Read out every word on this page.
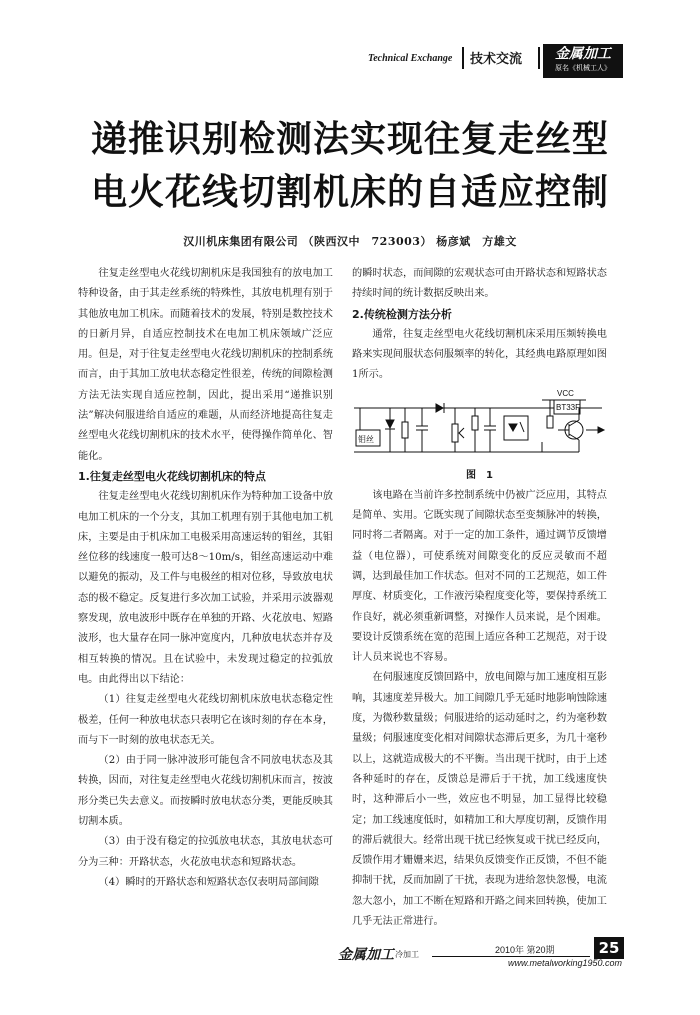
Technical Exchange 技术交流	金属加工
原名《机械工人》
递推识别检测法实现往复走丝型
电火花线切割机床的自适应控制
汉川机床集团有限公司 （陕西汉中　723003） 杨彦斌　方雄文

往复走丝型电火花线切割机床是我国独有的放电加工特种设备，由于其走丝系统的特殊性，其放电机理有别于其他放电加工机床。而随着技术的发展，特别是数控技术的日新月异，自适应控制技术在电加工机床领域广泛应用。但是，对于往复走丝型电火花线切割机床的控制系统而言，由于其加工放电状态稳定性很差，传统的间隙检测方法无法实现自适应控制，因此，提出采用“递推识别法”解决伺服进给自适应的难题，从而经济地提高往复走丝型电火花线切割机床的技术水平，使得操作简单化、智能化。

1.往复走丝型电火花线切割机床的特点

往复走丝型电火花线切割机床作为特种加工设备中放电加工机床的一个分支，其加工机理有别于其他电加工机床，主要是由于机床加工电极采用高速运转的钼丝，其钼丝位移的线速度一般可达8～10m/s，钼丝高速运动中难以避免的振动，及工件与电极丝的相对位移，导致放电状态的极不稳定。反复进行多次加工试验，并采用示波器观察发现，放电波形中既存在单独的开路、火花放电、短路波形，也大量存在同一脉冲宽度内，几种放电状态并存及相互转换的情况。且在试验中，未发现过稳定的拉弧放电。由此得出以下结论：

（1）往复走丝型电火花线切割机床放电状态稳定性极差，任何一种放电状态只表明它在该时刻的存在本身，而与下一时刻的放电状态无关。

（2）由于同一脉冲波形可能包含不同放电状态及其转换，因而，对往复走丝型电火花线切割机床而言，按波形分类已失去意义。而按瞬时放电状态分类，更能反映其切割本质。

（3）由于没有稳定的拉弧放电状态，其放电状态可分为三种：开路状态，火花放电状态和短路状态。

（4）瞬时的开路状态和短路状态仅表明局部间隙

的瞬时状态，而间隙的宏观状态可由开路状态和短路状态持续时间的统计数据反映出来。

2.传统检测方法分析

通常，往复走丝型电火花线切割机床采用压频转换电路来实现间服状态伺服频率的转化，其经典电路原理如图1所示。

VCC
BT33F
钼丝
图　1

该电路在当前许多控制系统中仍被广泛应用，其特点是简单、实用。它既实现了间隙状态至变频脉冲的转换，同时将二者隔离。对于一定的加工条件，通过调节反馈增益（电位器），可使系统对间隙变化的反应灵敏而不超调，达到最佳加工作状态。但对不同的工艺规范，如工件厚度、材质变化，工作液污染程度变化等，要保持系统工作良好，就必须重新调整，对操作人员来说，是个困难。要设计反馈系统在宽的范围上适应各种工艺规范，对于设计人员来说也不容易。

在伺服速度反馈回路中，放电间隙与加工速度相互影响，其速度差异极大。加工间隙几乎无延时地影响蚀除速度，为微秒数量级；伺服进给的运动延时之，约为毫秒数量级；伺服速度变化相对间隙状态滞后更多，为几十毫秒以上，这就造成极大的不平衡。当出现干扰时，由于上述各种延时的存在，反馈总是滞后于干扰，加工线速度快时，这种滞后小一些，效应也不明显，加工显得比较稳定；加工线速度低时，如精加工和大厚度切割，反馈作用的滞后就很大。经常出现干扰已经恢复或干扰已经反向，反馈作用才姗姗来迟，结果负反馈变作正反馈，不但不能抑制干扰，反而加剧了干扰，表现为进给忽快忽慢，电流忽大忽小，加工不断在短路和开路之间来回转换，使加工几乎无法正常进行。

金属加工 冷加工	2010年 第20期	25
www.metalworking1950.com
